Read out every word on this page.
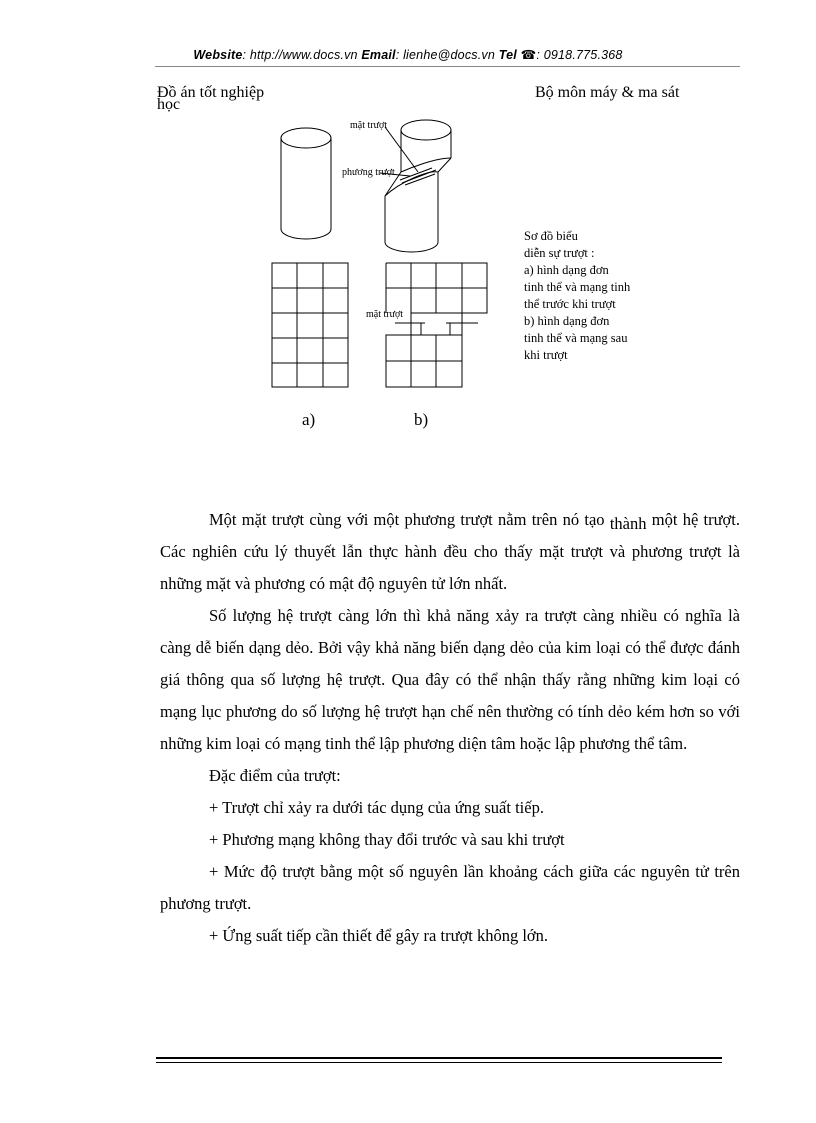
Website: http://www.docs.vn Email: lienhe@docs.vn Tel ☎: 0918.775.368
Đồ án tốt nghiệp
học
Bộ môn máy & ma sát
mặt trượt
phương trượt
mặt trượt
a)	b)
Sơ đồ biểu
diễn sự trượt :
a) hình dạng đơn
tinh thể và mạng tinh
thể trước khi trượt
b) hình dạng đơn
tinh thể và mạng sau
khi trượt

Một mặt trượt cùng với một phương trượt nằm trên nó tạo thành một hệ trượt. Các nghiên cứu lý thuyết lẫn thực hành đều cho thấy mặt trượt và phương trượt là những mặt và phương có mật độ nguyên tử lớn nhất.

Số lượng hệ trượt càng lớn thì khả năng xảy ra trượt càng nhiều có nghĩa là càng dễ biến dạng dẻo. Bởi vậy khả năng biến dạng dẻo của kim loại có thể được đánh giá thông qua số lượng hệ trượt. Qua đây có thể nhận thấy rằng những kim loại có mạng lục phương do số lượng hệ trượt hạn chế nên thường có tính dẻo kém hơn so với những kim loại có mạng tinh thể lập phương diện tâm hoặc lập phương thể tâm.

Đặc điểm của trượt:

+ Trượt chỉ xảy ra dưới tác dụng của ứng suất tiếp.

+ Phương mạng không thay đổi trước và sau khi trượt

+ Mức độ trượt bằng một số nguyên lần khoảng cách giữa các nguyên tử trên phương trượt.

+ Ứng suất tiếp cần thiết để gây ra trượt không lớn.
